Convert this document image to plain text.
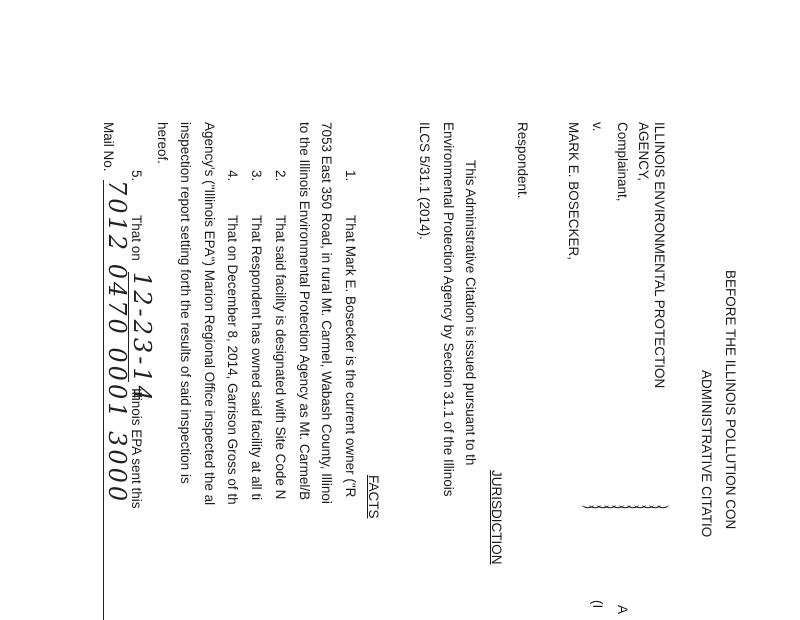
BEFORE THE ILLINOIS POLLUTION CON
ADMINISTRATIVE CITATIO
ILLINOIS ENVIRONMENTAL PROTECTION
AGENCY,
Complainant,
v.
MARK E. BOSECKER,
Respondent.
)
)
)
)
)
)
)
)
)
)
)
A
(I
JURISDICTION
This Administrative Citation is issued pursuant to th
Environmental Protection Agency by Section 31.1 of the Illinois
ILCS 5/31.1 (2014).
FACTS
1.
That Mark E. Bosecker is the current owner ("R
7053 East 350 Road, in rural Mt. Carmel, Wabash County, Illinoi
to the Illinois Environmental Protection Agency as Mt. Carmel/B
2.
That said facility is designated with Site Code N
3.
That Respondent has owned said facility at all ti
4.
That on December 8, 2014, Garrison Gross of th
Agency's ("Illinois EPA") Marion Regional Office inspected the al
inspection report setting forth the results of said inspection is
hereof.
5.
That on
12-23-14
Illinois EPA sent this
Mail No.
7012 0470 0001 3000
